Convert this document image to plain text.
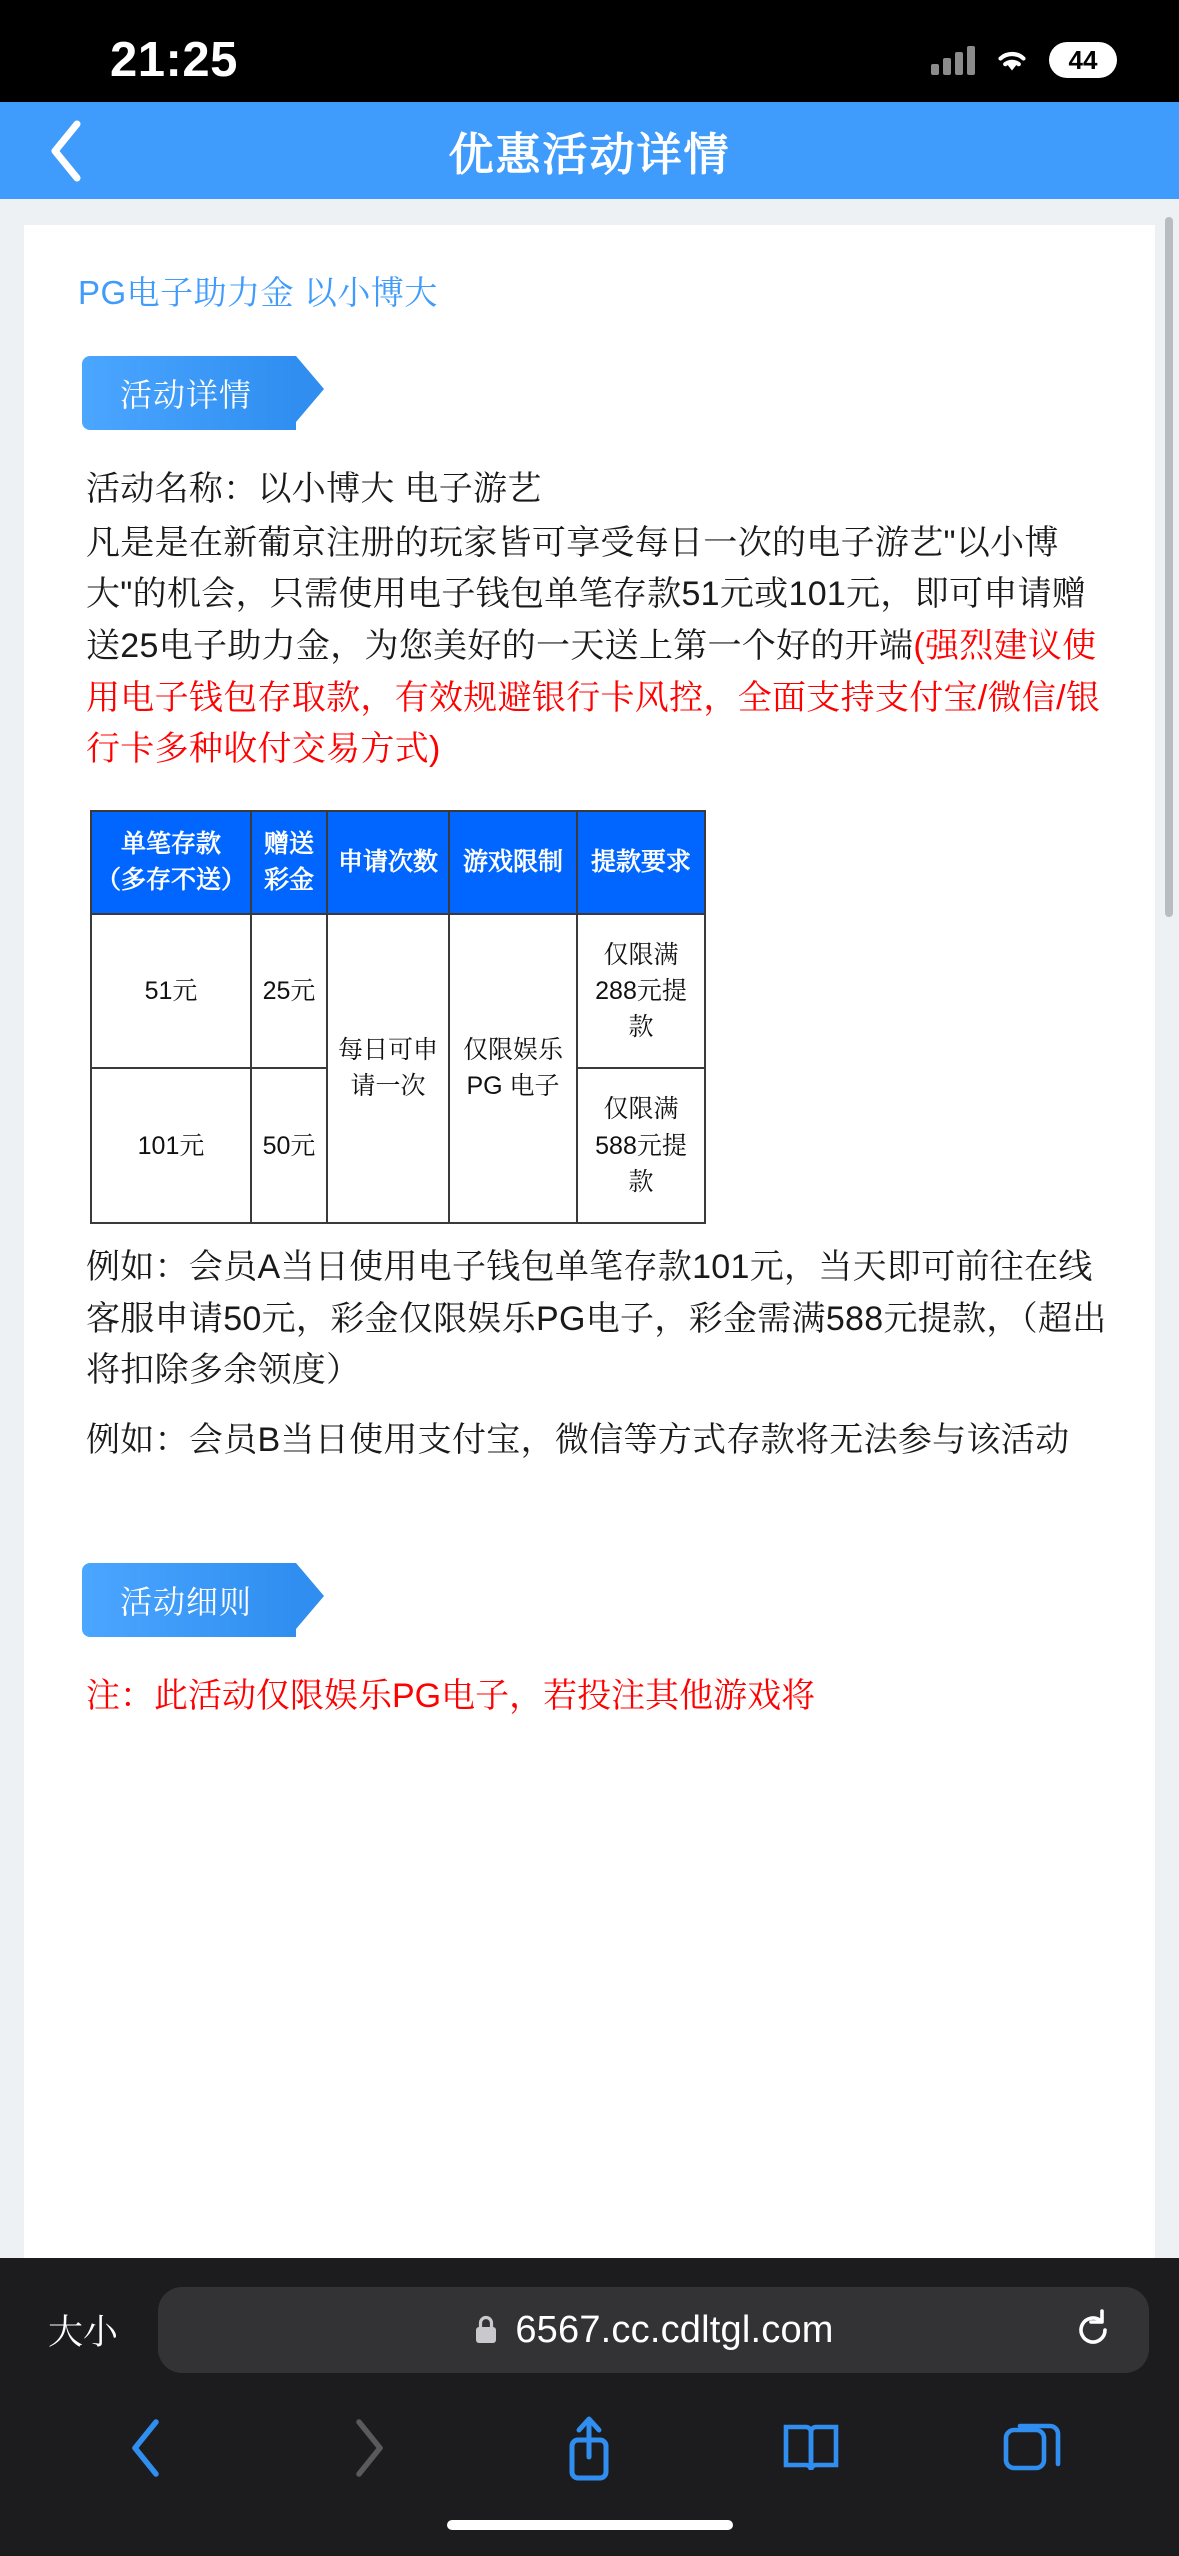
21:25	44
优惠活动详情
PG电子助力金 以小博大
活动详情

活动名称：以小博大 电子游艺

凡是是在新葡京注册的玩家皆可享受每日一次的电子游艺"以小博大"的机会，只需使用电子钱包单笔存款51元或101元，即可申请赠送25电子助力金，为您美好的一天送上第一个好的开端(强烈建议使用电子钱包存取款，有效规避银行卡风控，全面支持支付宝/微信/银行卡多种收付交易方式)

单笔存款 （多存不送）	赠送彩金	申请次数	游戏限制	提款要求
51元	25元	每日可申请一次	仅限娱乐 PG 电子	仅限满288元提款
101元	50元			仅限满588元提款
例如：会员A当日使用电子钱包单笔存款101元，当天即可前往在线客服申请50元，彩金仅限娱乐PG电子，彩金需满588元提款，（超出将扣除多余领度）
例如：会员B当日使用支付宝，微信等方式存款将无法参与该活动
活动细则
注：此活动仅限娱乐PG电子，若投注其他游戏将
大小	6567.cc.cdltgl.com
